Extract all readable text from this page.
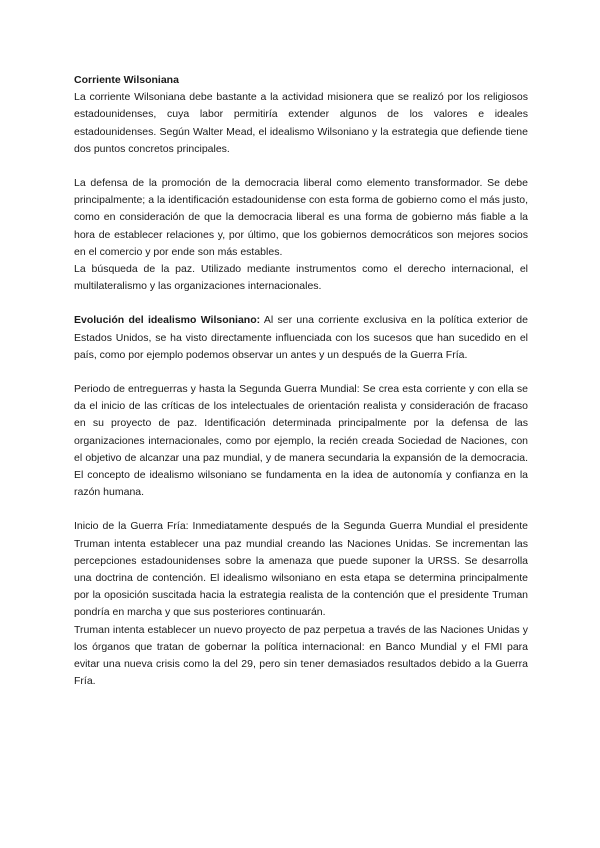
Corriente Wilsoniana

La corriente Wilsoniana debe bastante a la actividad misionera que se realizó por los religiosos estadounidenses, cuya labor permitiría extender algunos de los valores e ideales estadounidenses. Según Walter Mead, el idealismo Wilsoniano y la estrategia que defiende tiene dos puntos concretos principales.

La defensa de la promoción de la democracia liberal como elemento transformador. Se debe principalmente; a la identificación estadounidense con esta forma de gobierno como el más justo, como en consideración de que la democracia liberal es una forma de gobierno más fiable a la hora de establecer relaciones y, por último, que los gobiernos democráticos son mejores socios en el comercio y por ende son más estables.

La búsqueda de la paz. Utilizado mediante instrumentos como el derecho internacional, el multilateralismo y las organizaciones internacionales.

Evolución del idealismo Wilsoniano: Al ser una corriente exclusiva en la política exterior de Estados Unidos, se ha visto directamente influenciada con los sucesos que han sucedido en el país, como por ejemplo podemos observar un antes y un después de la Guerra Fría.

Periodo de entreguerras y hasta la Segunda Guerra Mundial: Se crea esta corriente y con ella se da el inicio de las críticas de los intelectuales de orientación realista y consideración de fracaso en su proyecto de paz. Identificación determinada principalmente por la defensa de las organizaciones internacionales, como por ejemplo, la recién creada Sociedad de Naciones, con el objetivo de alcanzar una paz mundial, y de manera secundaria la expansión de la democracia. El concepto de idealismo wilsoniano se fundamenta en la idea de autonomía y confianza en la razón humana.

Inicio de la Guerra Fría: Inmediatamente después de la Segunda Guerra Mundial el presidente Truman intenta establecer una paz mundial creando las Naciones Unidas. Se incrementan las percepciones estadounidenses sobre la amenaza que puede suponer la URSS. Se desarrolla una doctrina de contención. El idealismo wilsoniano en esta etapa se determina principalmente por la oposición suscitada hacia la estrategia realista de la contención que el presidente Truman pondría en marcha y que sus posteriores continuarán.

Truman intenta establecer un nuevo proyecto de paz perpetua a través de las Naciones Unidas y los órganos que tratan de gobernar la política internacional: en Banco Mundial y el FMI para evitar una nueva crisis como la del 29, pero sin tener demasiados resultados debido a la Guerra Fría.
